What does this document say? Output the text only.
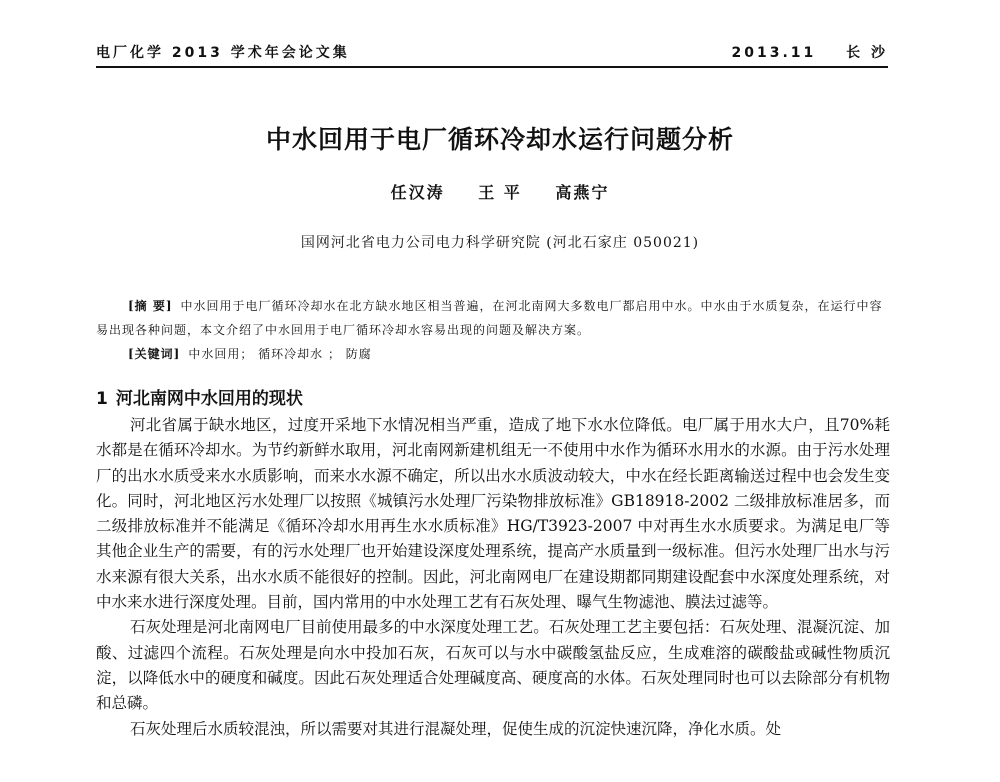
电厂化学 2013 学术年会论文集	2013.11 长 沙
中水回用于电厂循环冷却水运行问题分析
任汉涛 王 平 高燕宁
国网河北省电力公司电力科学研究院 (河北石家庄 050021)

[摘 要] 中水回用于电厂循环冷却水在北方缺水地区相当普遍，在河北南网大多数电厂都启用中水。中水由于水质复杂，在运行中容易出现各种问题，本文介绍了中水回用于电厂循环冷却水容易出现的问题及解决方案。

[关键词] 中水回用； 循环冷却水 ； 防腐

1 河北南网中水回用的现状

河北省属于缺水地区，过度开采地下水情况相当严重，造成了地下水水位降低。电厂属于用水大户，且70%耗水都是在循环冷却水。为节约新鲜水取用，河北南网新建机组无一不使用中水作为循环水用水的水源。由于污水处理厂的出水水质受来水水质影响，而来水水源不确定，所以出水水质波动较大，中水在经长距离输送过程中也会发生变化。同时，河北地区污水处理厂以按照《城镇污水处理厂污染物排放标准》GB18918-2002 二级排放标准居多，而二级排放标准并不能满足《循环冷却水用再生水水质标准》HG/T3923-2007 中对再生水水质要求。为满足电厂等其他企业生产的需要，有的污水处理厂也开始建设深度处理系统，提高产水质量到一级标准。但污水处理厂出水与污水来源有很大关系，出水水质不能很好的控制。因此，河北南网电厂在建设期都同期建设配套中水深度处理系统，对中水来水进行深度处理。目前，国内常用的中水处理工艺有石灰处理、曝气生物滤池、膜法过滤等。

石灰处理是河北南网电厂目前使用最多的中水深度处理工艺。石灰处理工艺主要包括：石灰处理、混凝沉淀、加酸、过滤四个流程。石灰处理是向水中投加石灰，石灰可以与水中碳酸氢盐反应，生成难溶的碳酸盐或碱性物质沉淀，以降低水中的硬度和碱度。因此石灰处理适合处理碱度高、硬度高的水体。石灰处理同时也可以去除部分有机物和总磷。

石灰处理后水质较混浊，所以需要对其进行混凝处理，促使生成的沉淀快速沉降，净化水质。处
